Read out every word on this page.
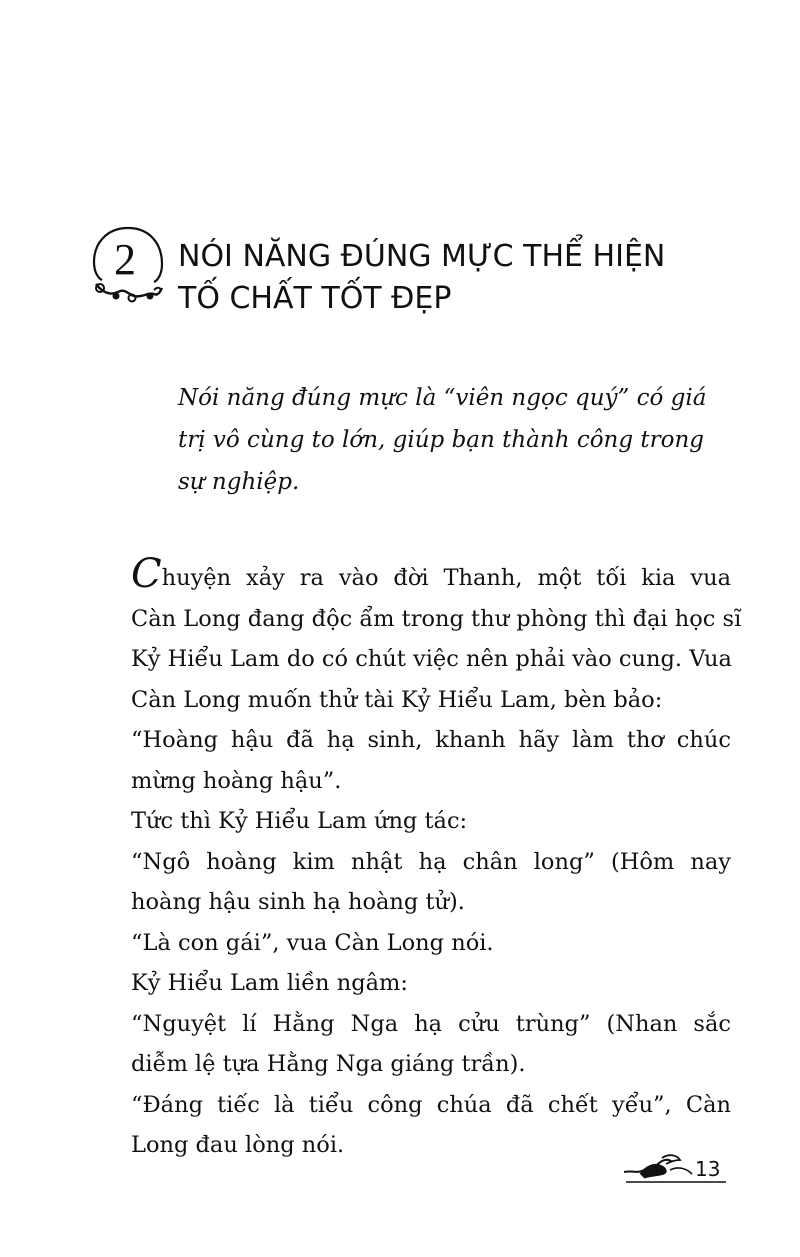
2 NÓI NĂNG ĐÚNG MỰC THỂ HIỆN
TỐ CHẤT TỐT ĐẸP
Nói năng đúng mực là “viên ngọc quý” có giá
trị vô cùng to lớn, giúp bạn thành công trong
sự nghiệp.
Chuyện xảy ra vào đời Thanh, một tối kia vua
Càn Long đang độc ẩm trong thư phòng thì đại học sĩ
Kỷ Hiểu Lam do có chút việc nên phải vào cung. Vua
Càn Long muốn thử tài Kỷ Hiểu Lam, bèn bảo:
“Hoàng hậu đã hạ sinh, khanh hãy làm thơ chúc
mừng hoàng hậu”.
Tức thì Kỷ Hiểu Lam ứng tác:
“Ngô hoàng kim nhật hạ chân long” (Hôm nay
hoàng hậu sinh hạ hoàng tử).
“Là con gái”, vua Càn Long nói.
Kỷ Hiểu Lam liền ngâm:
“Nguyệt lí Hằng Nga hạ cửu trùng” (Nhan sắc
diễm lệ tựa Hằng Nga giáng trần).
“Đáng tiếc là tiểu công chúa đã chết yểu”, Càn
Long đau lòng nói.
13
